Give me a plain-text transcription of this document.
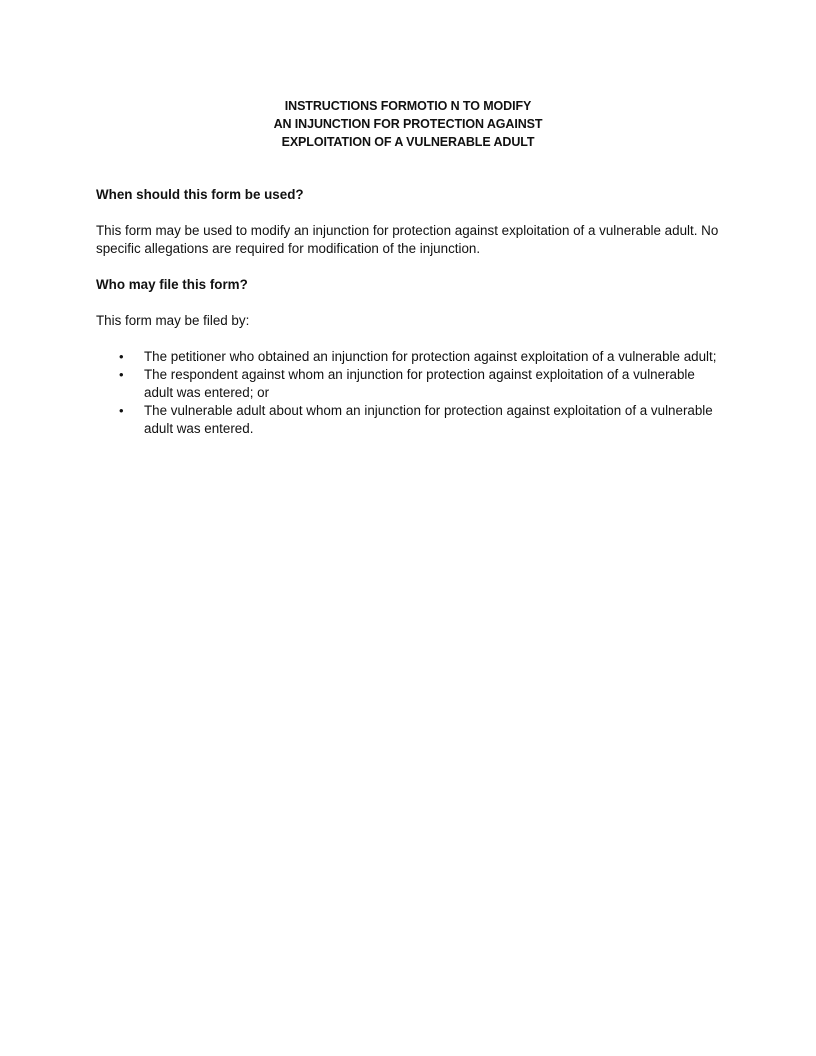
INSTRUCTIONS FORMOTIO N TO MODIFY
AN INJUNCTION FOR PROTECTION AGAINST
EXPLOITATION OF A VULNERABLE ADULT

When should this form be used?

This form may be used to modify an injunction for protection against exploitation of a vulnerable adult. No specific allegations are required for modification of the injunction.

Who may file this form?

This form may be filed by:

• The petitioner who obtained an injunction for protection against exploitation of a vulnerable adult;
• The respondent against whom an injunction for protection against exploitation of a vulnerable adult was entered; or
• The vulnerable adult about whom an injunction for protection against exploitation of a vulnerable adult was entered.
